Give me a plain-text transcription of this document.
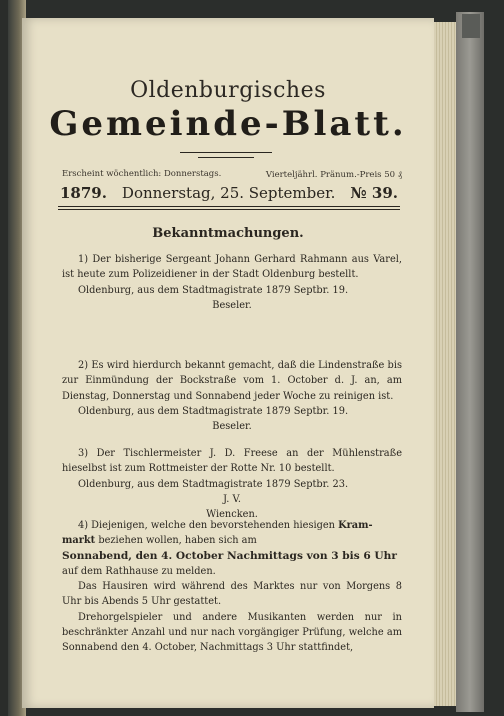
Oldenburgisches
Gemeinde-Blatt.
Erscheint wöchentlich: Donnerstags.	Vierteljährl. Pränum.-Preis 50 ₰
1879. Donnerstag, 25. September. № 39.
Bekanntmachungen.

1) Der bisherige Sergeant Johann Gerhard Rahmann aus Varel, ist heute zum Polizeidiener in der Stadt Oldenburg bestellt.

Oldenburg, aus dem Stadtmagistrate 1879 Septbr. 19.

Beseler.

2) Es wird hierdurch bekannt gemacht, daß die Lindenstraße bis zur Einmündung der Bockstraße vom 1. October d. J. an, am Dienstag, Donnerstag und Sonnabend jeder Woche zu reinigen ist.

Oldenburg, aus dem Stadtmagistrate 1879 Septbr. 19.

Beseler.

3) Der Tischlermeister J. D. Freese an der Mühlenstraße hieselbst ist zum Rottmeister der Rotte Nr. 10 bestellt.

Oldenburg, aus dem Stadtmagistrate 1879 Septbr. 23.

J. V.

Wiencken.

4) Diejenigen, welche den bevorstehenden hiesigen Kram-
markt beziehen wollen, haben sich am

Sonnabend, den 4. October Nachmittags von 3 bis 6 Uhr

auf dem Rathhause zu melden.

Das Hausiren wird während des Marktes nur von Morgens 8 Uhr bis Abends 5 Uhr gestattet.

Drehorgelspieler und andere Musikanten werden nur in beschränkter Anzahl und nur nach vorgängiger Prüfung, welche am Sonnabend den 4. October, Nachmittags 3 Uhr stattfindet,
